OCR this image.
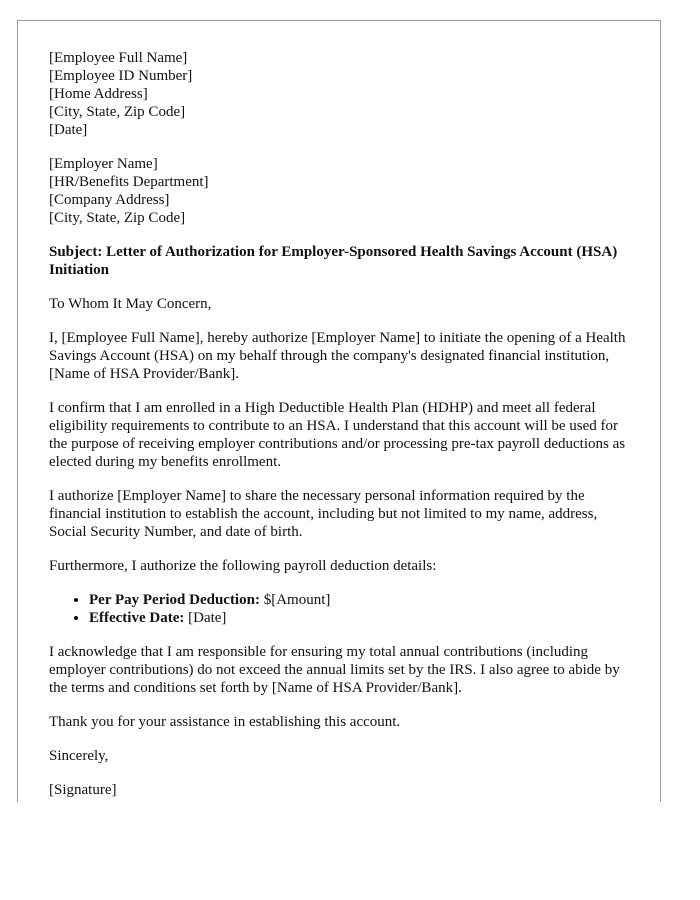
[Employee Full Name]
[Employee ID Number]
[Home Address]
[City, State, Zip Code]
[Date]
[Employer Name]
[HR/Benefits Department]
[Company Address]
[City, State, Zip Code]
Subject: Letter of Authorization for Employer-Sponsored Health Savings Account (HSA) Initiation

To Whom It May Concern,

I, [Employee Full Name], hereby authorize [Employer Name] to initiate the opening of a Health Savings Account (HSA) on my behalf through the company's designated financial institution, [Name of HSA Provider/Bank].

I confirm that I am enrolled in a High Deductible Health Plan (HDHP) and meet all federal eligibility requirements to contribute to an HSA. I understand that this account will be used for the purpose of receiving employer contributions and/or processing pre-tax payroll deductions as elected during my benefits enrollment.

I authorize [Employer Name] to share the necessary personal information required by the financial institution to establish the account, including but not limited to my name, address, Social Security Number, and date of birth.

Furthermore, I authorize the following payroll deduction details:

• Per Pay Period Deduction: $[Amount]
• Effective Date: [Date]

I acknowledge that I am responsible for ensuring my total annual contributions (including employer contributions) do not exceed the annual limits set by the IRS. I also agree to abide by the terms and conditions set forth by [Name of HSA Provider/Bank].

Thank you for your assistance in establishing this account.

Sincerely,

[Signature]
